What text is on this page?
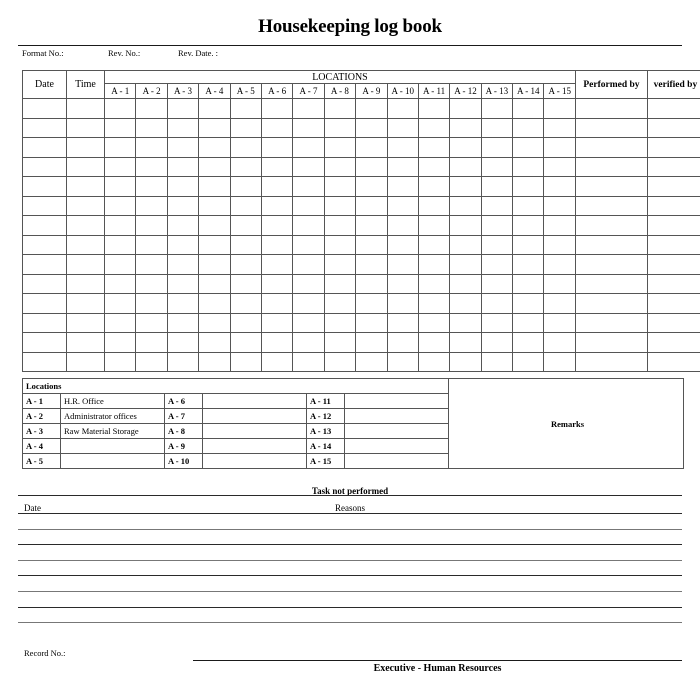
Housekeeping log book
Format No.:	Rev. No.:	Rev. Date. :
Date	Time	LOCATIONS															Performed by	verified by
		A - 1	A - 2	A - 3	A - 4	A - 5	A - 6	A - 7	A - 8	A - 9	A - 10	A - 11	A - 12	A - 13	A - 14	A - 15		

Locations						Remarks
A - 1	H.R. Office	A - 6		A - 11		
A - 2	Administrator offices	A - 7		A - 12		
A - 3	Raw Material Storage	A - 8		A - 13		
A - 4		A - 9		A - 14		
A - 5		A - 10		A - 15		
Task not performed
Date	Reasons
Record No.:
Executive - Human Resources
